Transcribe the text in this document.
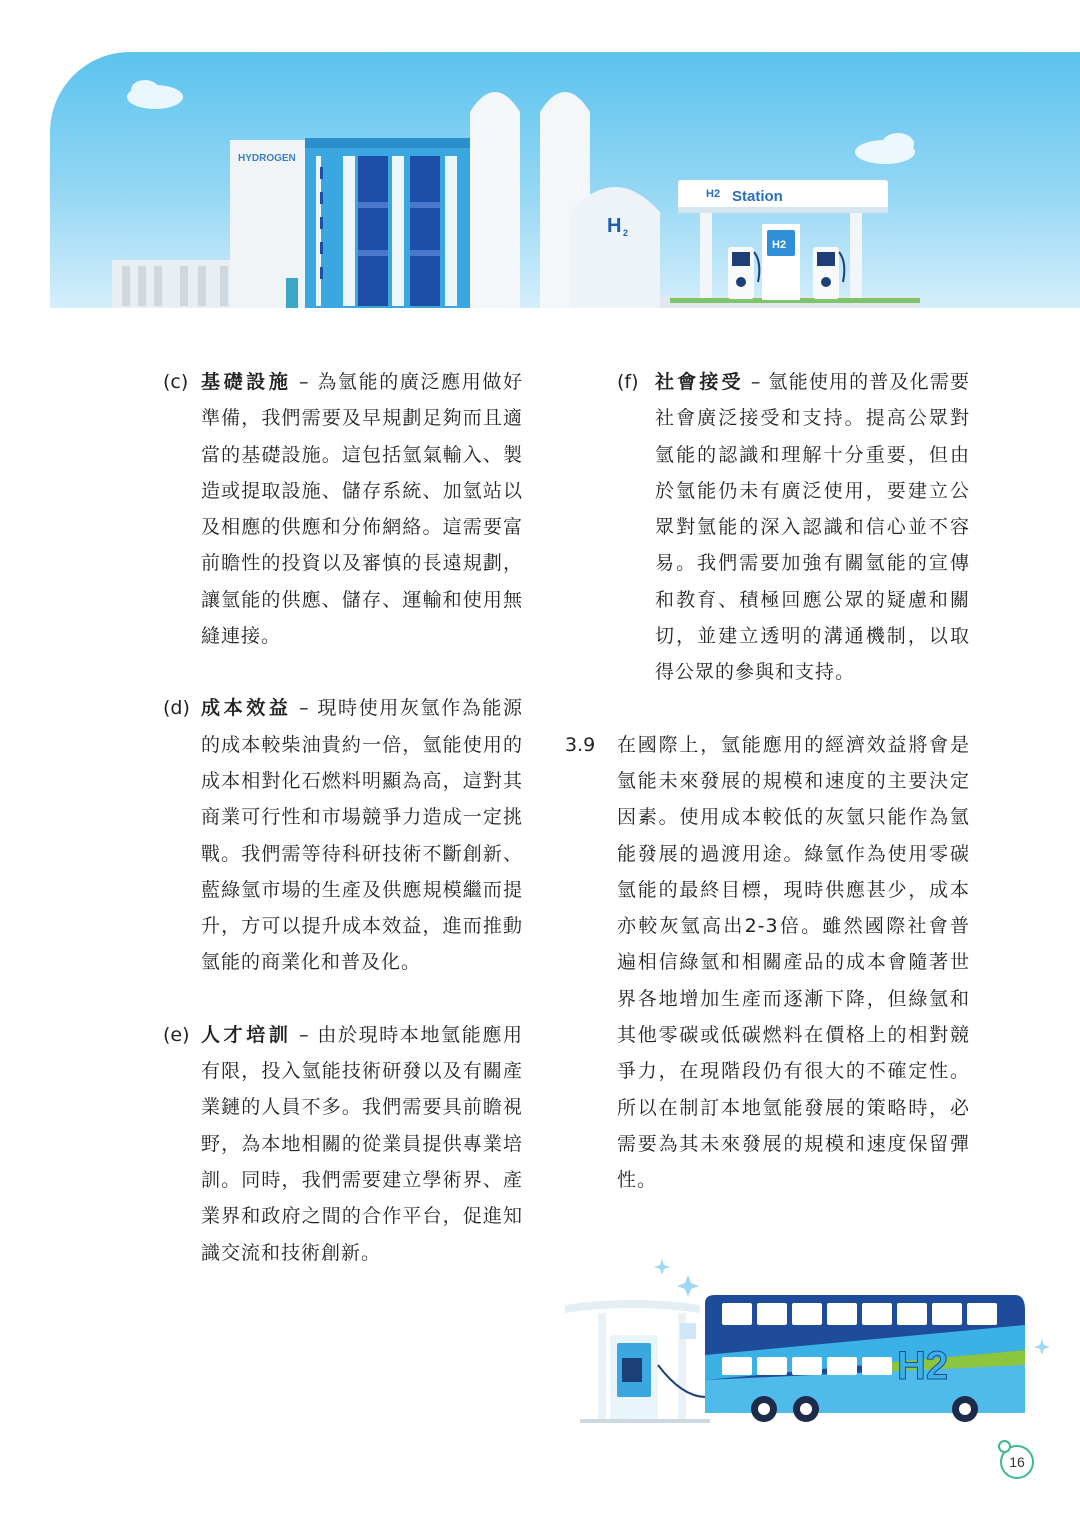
HYDROGEN
H 2
Station
H2
H2
(c) 基礎設施 – 為氫能的廣泛應用做好準備，我們需要及早規劃足夠而且適當的基礎設施。這包括氫氣輸入、製造或提取設施、儲存系統、加氫站以及相應的供應和分佈網絡。這需要富前瞻性的投資以及審慎的長遠規劃，讓氫能的供應、儲存、運輸和使用無縫連接。
(d) 成本效益 – 現時使用灰氫作為能源的成本較柴油貴約一倍，氫能使用的成本相對化石燃料明顯為高，這對其商業可行性和市場競爭力造成一定挑戰。我們需等待科研技術不斷創新、藍綠氫市場的生產及供應規模繼而提升，方可以提升成本效益，進而推動氫能的商業化和普及化。
(e) 人才培訓 – 由於現時本地氫能應用有限，投入氫能技術研發以及有關產業鏈的人員不多。我們需要具前瞻視野，為本地相關的從業員提供專業培訓。同時，我們需要建立學術界、產業界和政府之間的合作平台，促進知識交流和技術創新。
(f) 社會接受 – 氫能使用的普及化需要社會廣泛接受和支持。提高公眾對氫能的認識和理解十分重要，但由於氫能仍未有廣泛使用，要建立公眾對氫能的深入認識和信心並不容易。我們需要加強有關氫能的宣傳和教育、積極回應公眾的疑慮和關切，並建立透明的溝通機制，以取得公眾的參與和支持。
3.9	在國際上，氫能應用的經濟效益將會是氫能未來發展的規模和速度的主要決定因素。使用成本較低的灰氫只能作為氫能發展的過渡用途。綠氫作為使用零碳氫能的最終目標，現時供應甚少，成本亦較灰氫高出2-3倍。雖然國際社會普遍相信綠氫和相關產品的成本會隨著世界各地增加生產而逐漸下降，但綠氫和其他零碳或低碳燃料在價格上的相對競爭力，在現階段仍有很大的不確定性。所以在制訂本地氫能發展的策略時，必需要為其未來發展的規模和速度保留彈性。
H2
16
